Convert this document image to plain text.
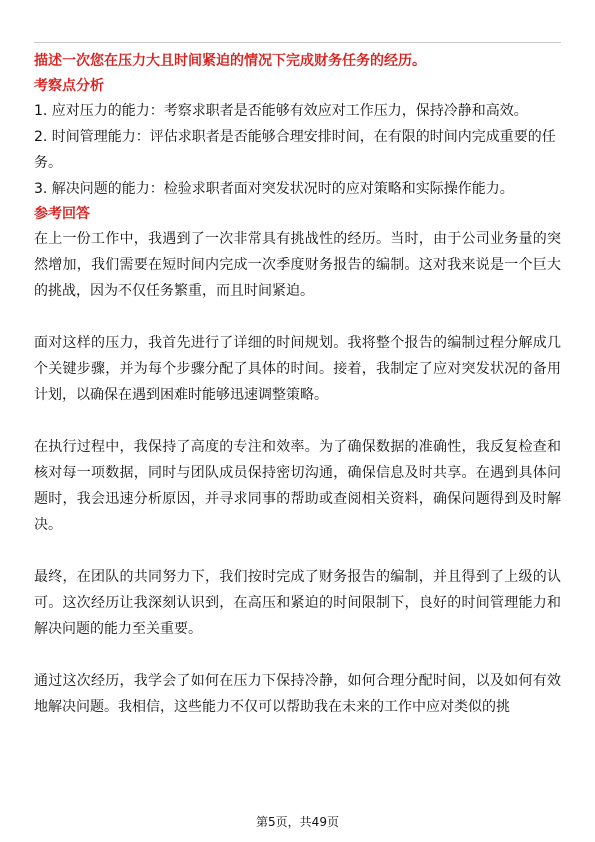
描述一次您在压力大且时间紧迫的情况下完成财务任务的经历。

考察点分析

1. 应对压力的能力：考察求职者是否能够有效应对工作压力，保持冷静和高效。

2. 时间管理能力：评估求职者是否能够合理安排时间，在有限的时间内完成重要的任务。

3. 解决问题的能力：检验求职者面对突发状况时的应对策略和实际操作能力。

参考回答

在上一份工作中，我遇到了一次非常具有挑战性的经历。当时，由于公司业务量的突然增加，我们需要在短时间内完成一次季度财务报告的编制。这对我来说是一个巨大的挑战，因为不仅任务繁重，而且时间紧迫。

面对这样的压力，我首先进行了详细的时间规划。我将整个报告的编制过程分解成几个关键步骤，并为每个步骤分配了具体的时间。接着，我制定了应对突发状况的备用计划，以确保在遇到困难时能够迅速调整策略。

在执行过程中，我保持了高度的专注和效率。为了确保数据的准确性，我反复检查和核对每一项数据，同时与团队成员保持密切沟通，确保信息及时共享。在遇到具体问题时，我会迅速分析原因，并寻求同事的帮助或查阅相关资料，确保问题得到及时解决。

最终，在团队的共同努力下，我们按时完成了财务报告的编制，并且得到了上级的认可。这次经历让我深刻认识到，在高压和紧迫的时间限制下，良好的时间管理能力和解决问题的能力至关重要。

通过这次经历，我学会了如何在压力下保持冷静，如何合理分配时间，以及如何有效地解决问题。我相信，这些能力不仅可以帮助我在未来的工作中应对类似的挑

第5页，共49页
